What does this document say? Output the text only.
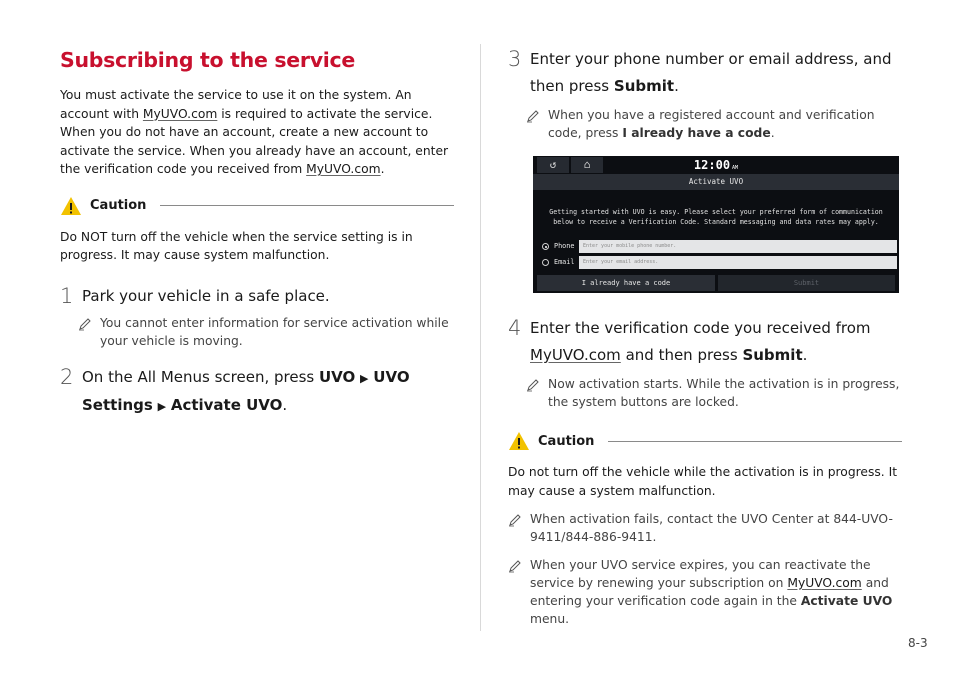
Subscribing to the service

You must activate the service to use it on the system. An account with MyUVO.com is required to activate the service. When you do not have an account, create a new account to activate the service. When you already have an account, enter the verification code you received from MyUVO.com.

Caution

Do NOT turn off the vehicle when the service setting is in progress. It may cause system malfunction.

1 Park your vehicle in a safe place.
You cannot enter information for service activation while your vehicle is moving.
2 On the All Menus screen, press UVO ▶ UVO Settings ▶ Activate UVO.
3 Enter your phone number or email address, and then press Submit.
When you have a registered account and verification code, press I already have a code.
↺	⌂	12:00 AM
Activate UVO
Getting started with UVO is easy. Please select your preferred form of communication below to receive a Verification Code. Standard messaging and data rates may apply.
Phone	Enter your mobile phone number.
Email	Enter your email address.
I already have a code	Submit
4 Enter the verification code you received from MyUVO.com and then press Submit.
Now activation starts. While the activation is in progress, the system buttons are locked.
Caution

Do not turn off the vehicle while the activation is in progress. It may cause a system malfunction.

When activation fails, contact the UVO Center at 844-UVO-9411/844-886-9411.
When your UVO service expires, you can reactivate the service by renewing your subscription on MyUVO.com and entering your verification code again in the Activate UVO menu.
8-3
